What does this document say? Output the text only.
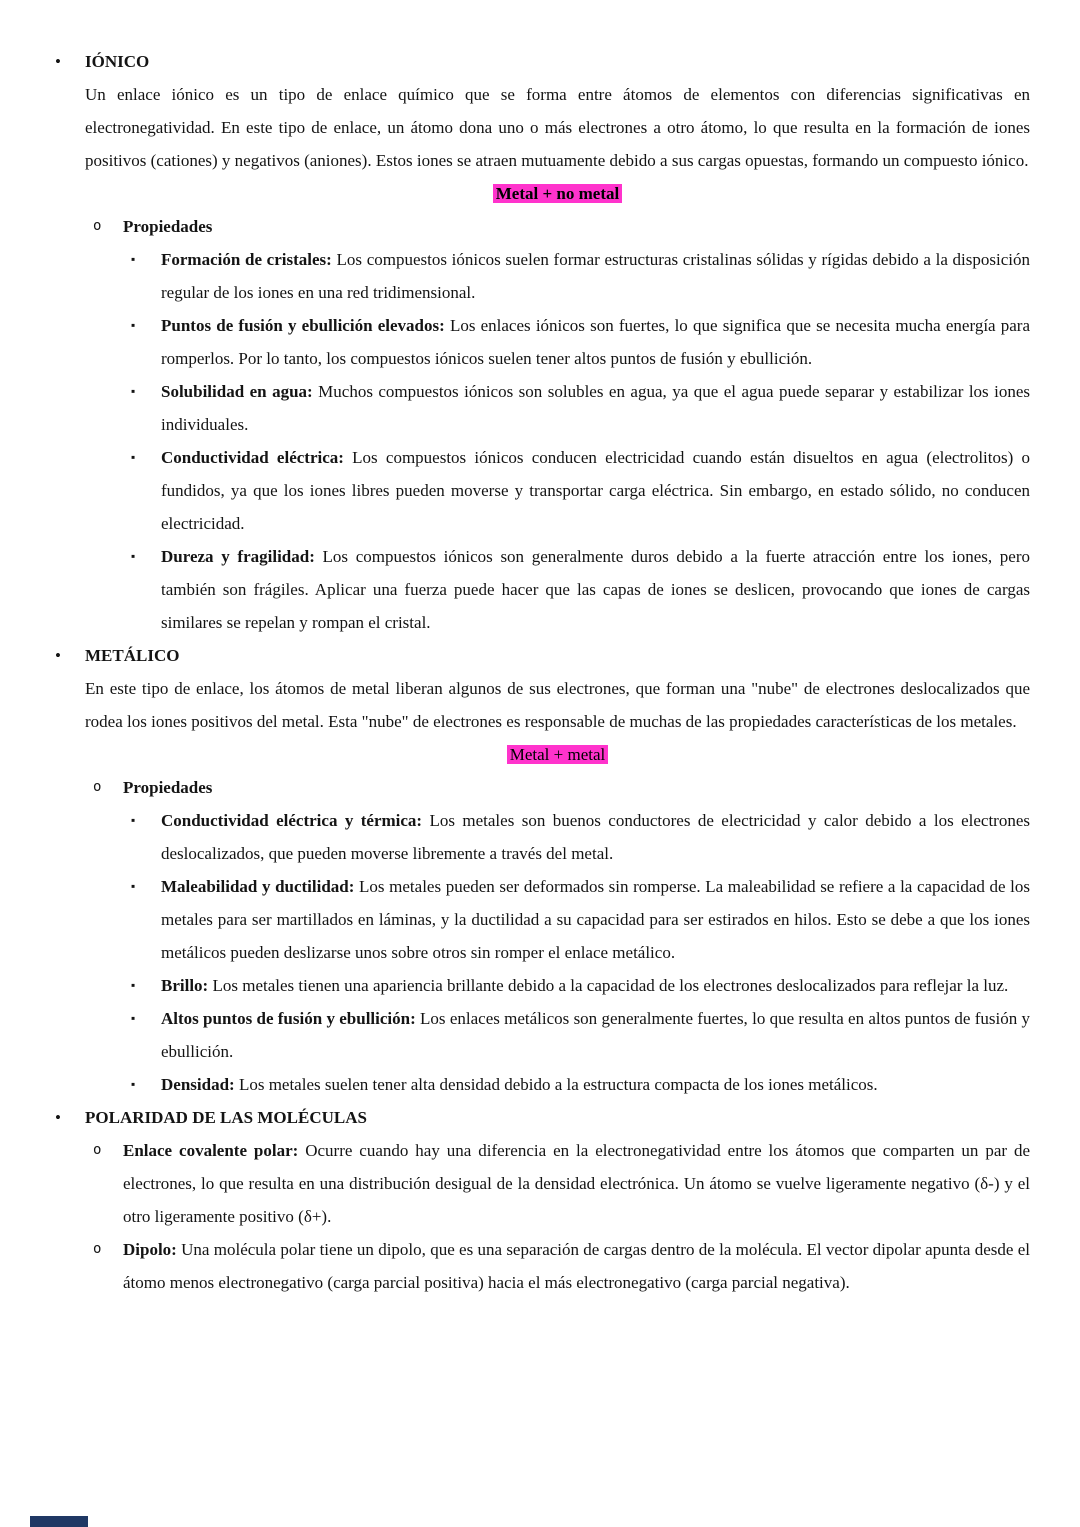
• IÓNICO
Un enlace iónico es un tipo de enlace químico que se forma entre átomos de elementos con diferencias significativas en electronegatividad. En este tipo de enlace, un átomo dona uno o más electrones a otro átomo, lo que resulta en la formación de iones positivos (cationes) y negativos (aniones). Estos iones se atraen mutuamente debido a sus cargas opuestas, formando un compuesto iónico.
Metal + no metal
o Propiedades
▪ Formación de cristales: Los compuestos iónicos suelen formar estructuras cristalinas sólidas y rígidas debido a la disposición regular de los iones en una red tridimensional.
▪ Puntos de fusión y ebullición elevados: Los enlaces iónicos son fuertes, lo que significa que se necesita mucha energía para romperlos. Por lo tanto, los compuestos iónicos suelen tener altos puntos de fusión y ebullición.
▪ Solubilidad en agua: Muchos compuestos iónicos son solubles en agua, ya que el agua puede separar y estabilizar los iones individuales.
▪ Conductividad eléctrica: Los compuestos iónicos conducen electricidad cuando están disueltos en agua (electrolitos) o fundidos, ya que los iones libres pueden moverse y transportar carga eléctrica. Sin embargo, en estado sólido, no conducen electricidad.
▪ Dureza y fragilidad: Los compuestos iónicos son generalmente duros debido a la fuerte atracción entre los iones, pero también son frágiles. Aplicar una fuerza puede hacer que las capas de iones se deslicen, provocando que iones de cargas similares se repelan y rompan el cristal.
• METÁLICO
En este tipo de enlace, los átomos de metal liberan algunos de sus electrones, que forman una "nube" de electrones deslocalizados que rodea los iones positivos del metal. Esta "nube" de electrones es responsable de muchas de las propiedades características de los metales.
Metal + metal
o Propiedades
▪ Conductividad eléctrica y térmica: Los metales son buenos conductores de electricidad y calor debido a los electrones deslocalizados, que pueden moverse libremente a través del metal.
▪ Maleabilidad y ductilidad: Los metales pueden ser deformados sin romperse. La maleabilidad se refiere a la capacidad de los metales para ser martillados en láminas, y la ductilidad a su capacidad para ser estirados en hilos. Esto se debe a que los iones metálicos pueden deslizarse unos sobre otros sin romper el enlace metálico.
▪ Brillo: Los metales tienen una apariencia brillante debido a la capacidad de los electrones deslocalizados para reflejar la luz.
▪ Altos puntos de fusión y ebullición: Los enlaces metálicos son generalmente fuertes, lo que resulta en altos puntos de fusión y ebullición.
▪ Densidad: Los metales suelen tener alta densidad debido a la estructura compacta de los iones metálicos.
• POLARIDAD DE LAS MOLÉCULAS
o Enlace covalente polar: Ocurre cuando hay una diferencia en la electronegatividad entre los átomos que comparten un par de electrones, lo que resulta en una distribución desigual de la densidad electrónica. Un átomo se vuelve ligeramente negativo (δ-) y el otro ligeramente positivo (δ+).
o Dipolo: Una molécula polar tiene un dipolo, que es una separación de cargas dentro de la molécula. El vector dipolar apunta desde el átomo menos electronegativo (carga parcial positiva) hacia el más electronegativo (carga parcial negativa).
